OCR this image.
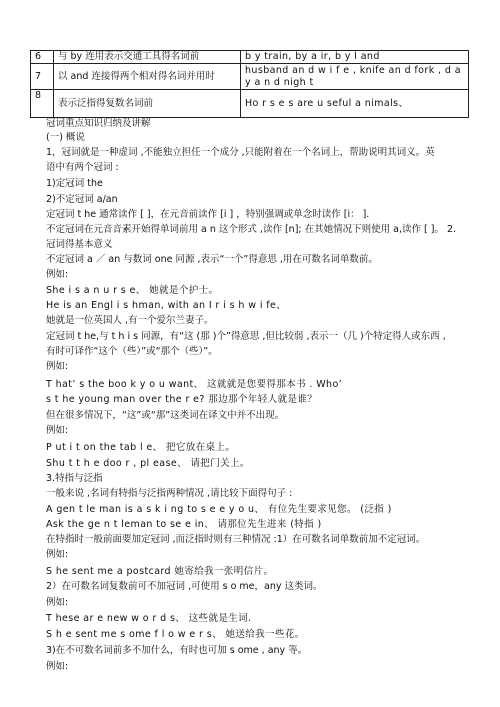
6	与 by 连用表示交通工具得名词前	b y train, by a ir, b y l and
7	以 and 连接得两个相对得名词并用时	husband an d w i f e , knife an d fork , d a y a n d nigh t
8	表示泛指得复数名词前	Ho r s e s are u seful a nimals、
冠词重点知识归纳及讲解
(一) 概说
1，冠词就是一种虚词 ,不能独立担任一个成分 ,只能附着在一个名词上，帮助说明其词义。英
语中有两个冠词 :
1)定冠词 the
2)不定冠词 a/an
定冠词 t he 通常读作 [ ]，在元音前读作 [i ] ，特别强调或单念时读作 [i： ].
不定冠词在元音音素开始得单词前用 a n 这个形式 ,读作 [n]; 在其她情况下则使用 a,读作 [ ]。 2.
冠词得基本意义
不定冠词 a ／ an 与数词 one 同源 ,表示“一个”得意思 ,用在可数名词单数前。
例如:
She i s a n u r s e、 她就是个护士。
He is an Engl i s hman, with an I r i s h w i fe、
她就是一位英国人 ,有一个爱尔兰妻子。
定冠词 t he,与 t h i s 同源，有“这 (那 )个”得意思 ,但比较弱 ,表示一（几 )个特定得人或东西 ,
有时可译作“这个（些）”或“那个（些）”。
例如:
T hat’ s the boo k y o u want、 这就就是您要得那本书 . Who’
s t he young man over the r e? 那边那个年轻人就是谁？
但在很多情况下，“这”或“那”这类词在译文中并不出现。
例如:
P ut i t on the tab l e、 把它放在桌上。
Shu t t h e doo r , pl ease、 请把门关上。
3.特指与泛指
一般来说 ,名词有特指与泛指两种情况 ,请比较下面得句子 :
A gen t le man is a s k i ng to s e e y o u、 有位先生要求见您。 (泛指 )
Ask the ge n t leman to se e in、 请那位先生进来 (特指 )
在特指时一般前面要加定冠词 ,而泛指时则有三种情况 :1）在可数名词单数前加不定冠词。
例如:
S he sent me a postcard 她寄给我一张明信片。
2）在可数名词复数前可不加冠词 ,可使用 s o me，any 这类词。
例如:
T hese ar e new w o r d s、 这些就是生词.
S h e sent me s ome f l o w e r s、 她送给我一些花。
3)在不可数名词前多不加什么，有时也可加 s ome , any 等。
例如:
